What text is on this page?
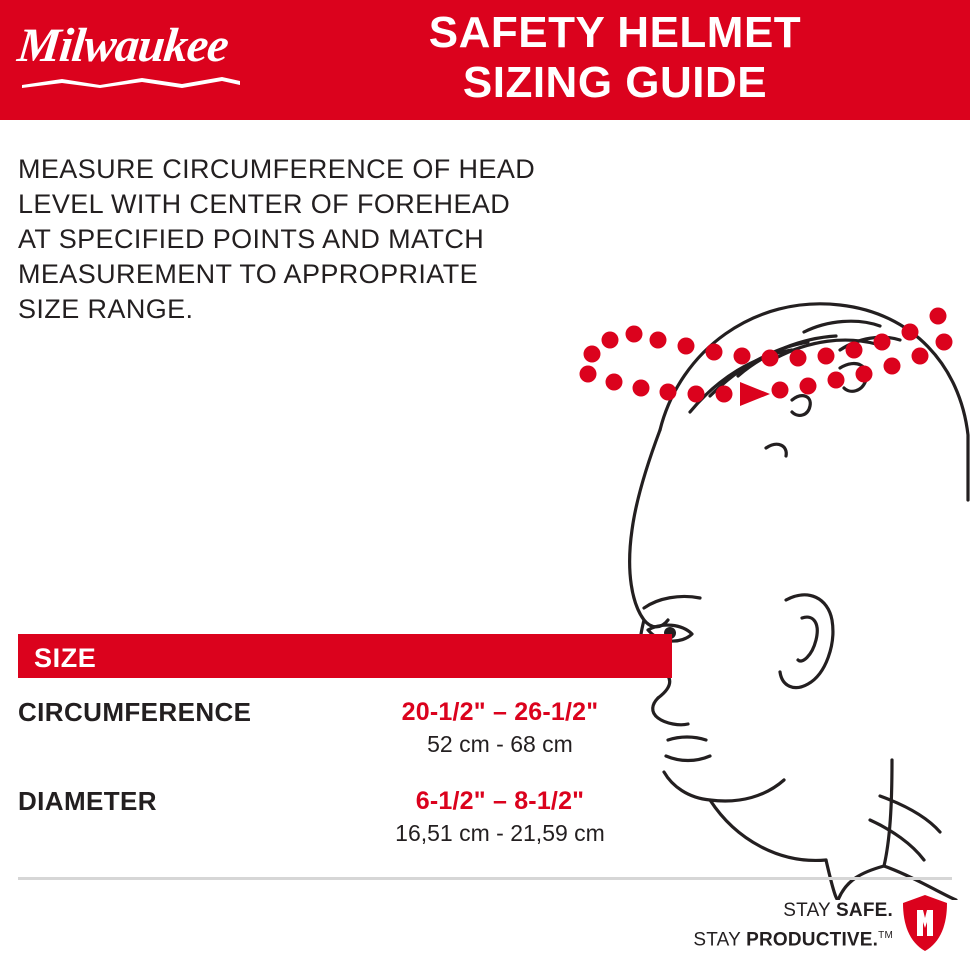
Milwaukee	SAFETY HELMET
SIZING GUIDE
MEASURE CIRCUMFERENCE OF HEAD LEVEL WITH CENTER OF FOREHEAD AT SPECIFIED POINTS AND MATCH MEASUREMENT TO APPROPRIATE SIZE RANGE.
SIZE
CIRCUMFERENCE	20-1/2" – 26-1/2"
52 cm - 68 cm
DIAMETER	6-1/2" – 8-1/2"
16,51 cm - 21,59 cm
STAY SAFE.
STAY PRODUCTIVE.™
